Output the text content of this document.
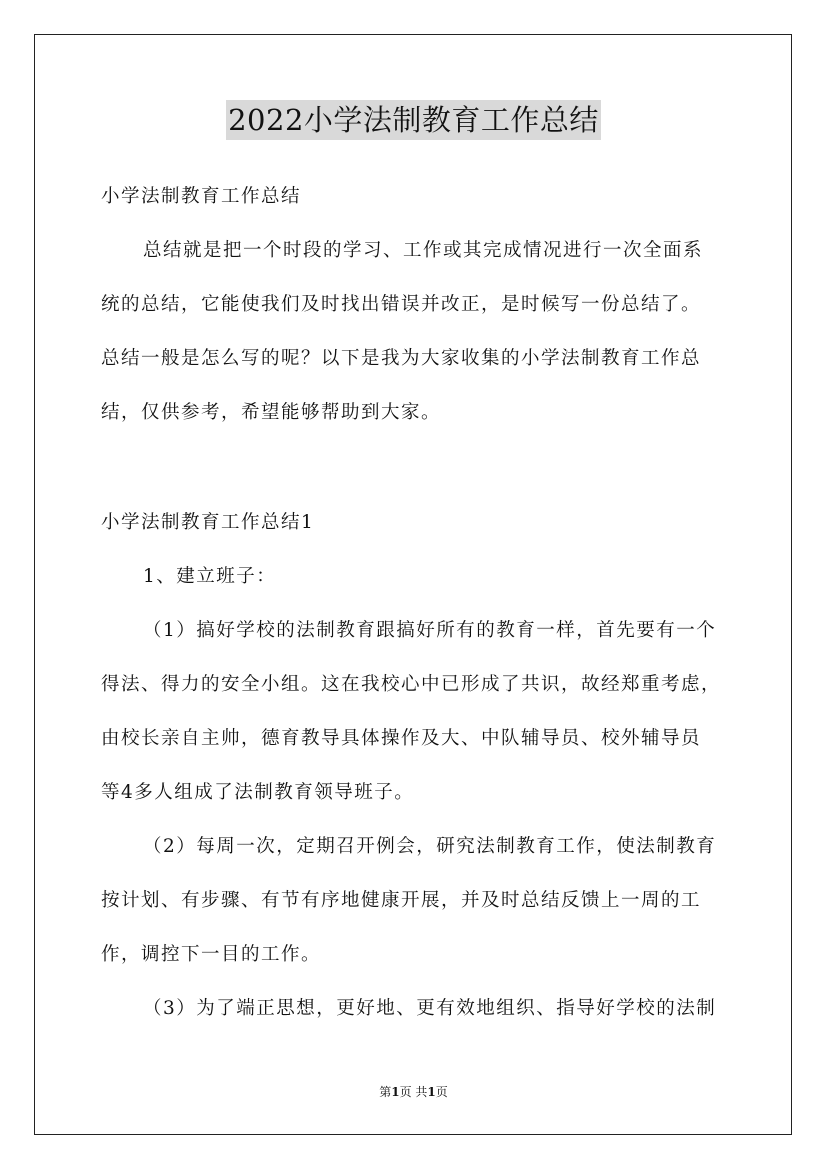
2022小学法制教育工作总结
小学法制教育工作总结
总结就是把一个时段的学习、工作或其完成情况进行一次全面系
统的总结，它能使我们及时找出错误并改正，是时候写一份总结了。
总结一般是怎么写的呢？以下是我为大家收集的小学法制教育工作总
结，仅供参考，希望能够帮助到大家。
小学法制教育工作总结1
1、建立班子：
（1）搞好学校的法制教育跟搞好所有的教育一样，首先要有一个
得法、得力的安全小组。这在我校心中已形成了共识，故经郑重考虑，
由校长亲自主帅，德育教导具体操作及大、中队辅导员、校外辅导员
等4多人组成了法制教育领导班子。
（2）每周一次，定期召开例会，研究法制教育工作，使法制教育
按计划、有步骤、有节有序地健康开展，并及时总结反馈上一周的工
作，调控下一目的工作。
（3）为了端正思想，更好地、更有效地组织、指导好学校的法制
第1页 共1页
